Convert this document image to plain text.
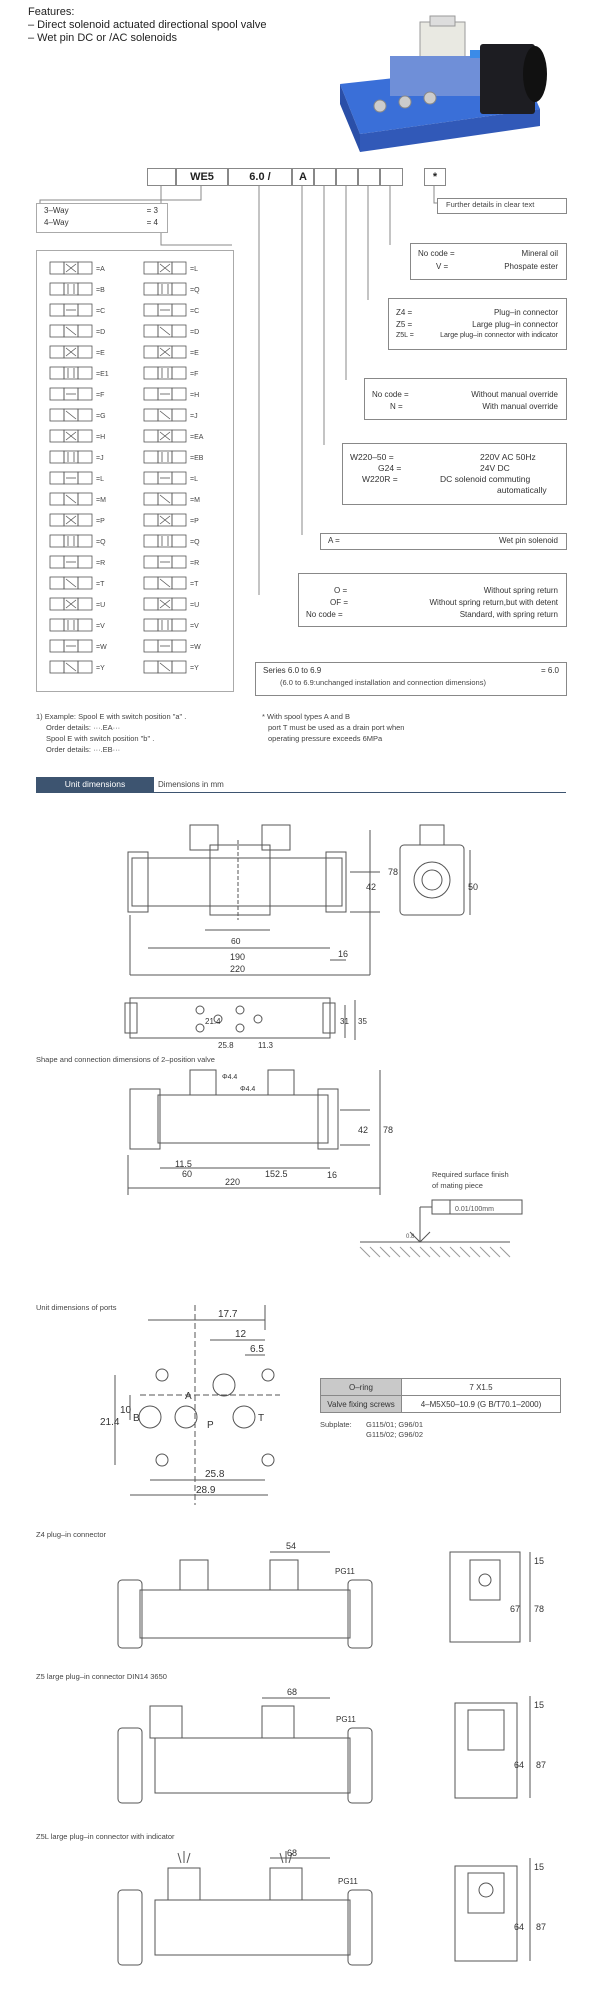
Features:
– Direct solenoid actuated directional spool valve
– Wet pin DC or /AC solenoids
WE5	6.0 /	A	*
Further details in clear text
3–Way	= 3
4–Way	= 4
No code =	Mineral oil
V =	Phospate ester
Z4 =	Plug–in connector
Z5 =	Large plug–in connector
Z5L =	Large plug–in connector with indicator
No code =	Without manual override
N =	With manual override
W220–50 =	220V AC 50Hz
G24 =	24V DC
W220R =	DC solenoid commuting
automatically
A =	Wet pin solenoid
O =	Without spring return
OF =	Without spring return,but with detent
No code =	Standard, with spring return
Series 6.0 to 6.9	= 6.0
(6.0 to 6.9:unchanged installation and connection dimensions)
=A	=L
=B	=Q
=C	=C
=D	=D
=E	=E
=E1	=F
=F	=H
=G	=J
=H	=EA
=J	=EB
=L	=L
=M	=M
=P	=P
=Q	=Q
=R	=R
=T	=T
=U	=U
=V	=V
=W	=W
=Y	=Y
1) Example: Spool E with switch position "a" .
Order details: ···.EA···
Spool E with switch position "b" .
Order details: ···.EB···
* With spool types A and B
port T must be used as a drain port when
operating pressure exceeds 6MPa
Unit dimensions	Dimensions in mm
60
190
220
16
42
78
50
21.4
25.8	11.3
31 35
Shape and connection dimensions of 2–position valve
60	152.5
220
16
11.5
42 78
Φ4.4
Φ4.4
Required surface finish
of mating piece
0.01/100mm
0.8
Unit dimensions of ports
17.7
12
6.5
21.4
10
25.8
28.9
A
B
P
T
O–ring	7 X1.5
Valve fixing screws	4–M5X50–10.9 (G B/T70.1–2000)
Subplate: G115/01; G96/01
G115/02; G96/02
Z4 plug–in connector
54
PG11
15
67 78
Z5 large plug–in connector DIN14 3650
68
PG11
15
64 87
Z5L large plug–in connector with indicator
68
PG11
15
64 87
